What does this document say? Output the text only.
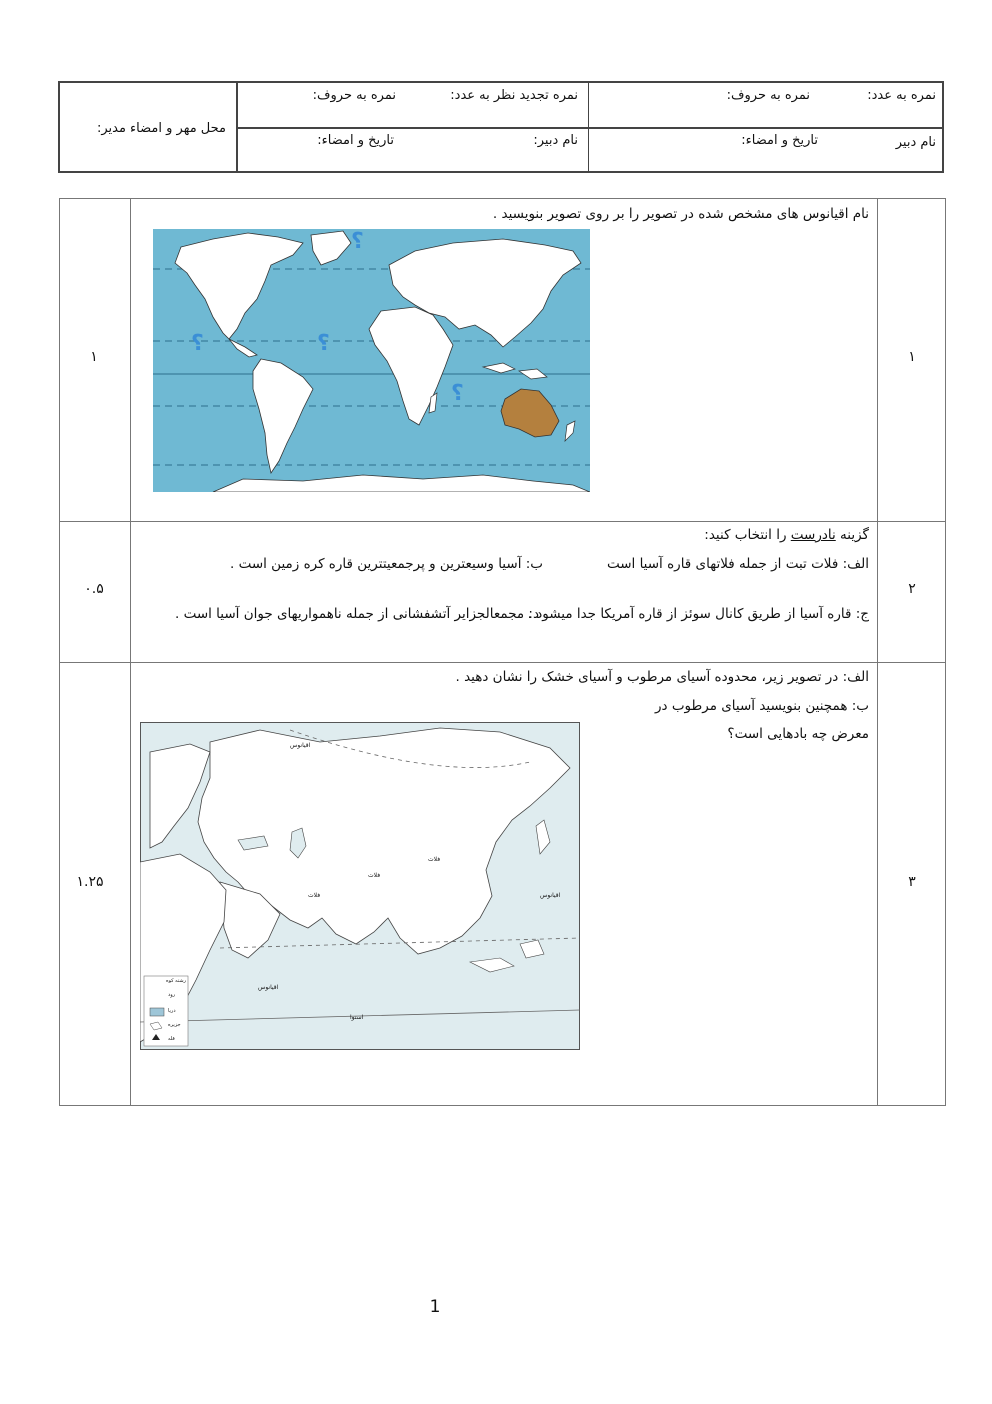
نمره به عدد:
نمره به حروف:
نام دبیر
تاریخ و امضاء:
نمره تجدید نظر به عدد:
نمره به حروف:
نام دبیر:
تاریخ و امضاء:
محل مهر و امضاء مدیر:
۱
۱
نام اقیانوس های مشخص شده در تصویر را بر روی تصویر بنویسید .
۲
۰.۵
گزینه نادرست را انتخاب کنید:
الف: فلات تبت از جمله فلاتهای قاره آسیا است
ب: آسیا وسیعترین و پرجمعیتترین قاره کره زمین است .
ج: قاره آسیا از طریق کانال سوئز از قاره آمریکا جدا میشود .
د: مجمعالجزایر آتشفشانی از جمله ناهمواریهای جوان آسیا است .
۳
۱.۲۵
الف: در تصویر زیر، محدوده آسیای مرطوب و آسیای خشک را نشان دهید .
ب: همچنین بنویسید آسیای مرطوب در
معرض چه بادهایی است؟
؟
؟	؟
؟
اقیانوس
اقیانوس
اقیانوس
فلات
فلات
فلات
استوا
رشته کوه
رود
دریا
جزیره
قله
1
